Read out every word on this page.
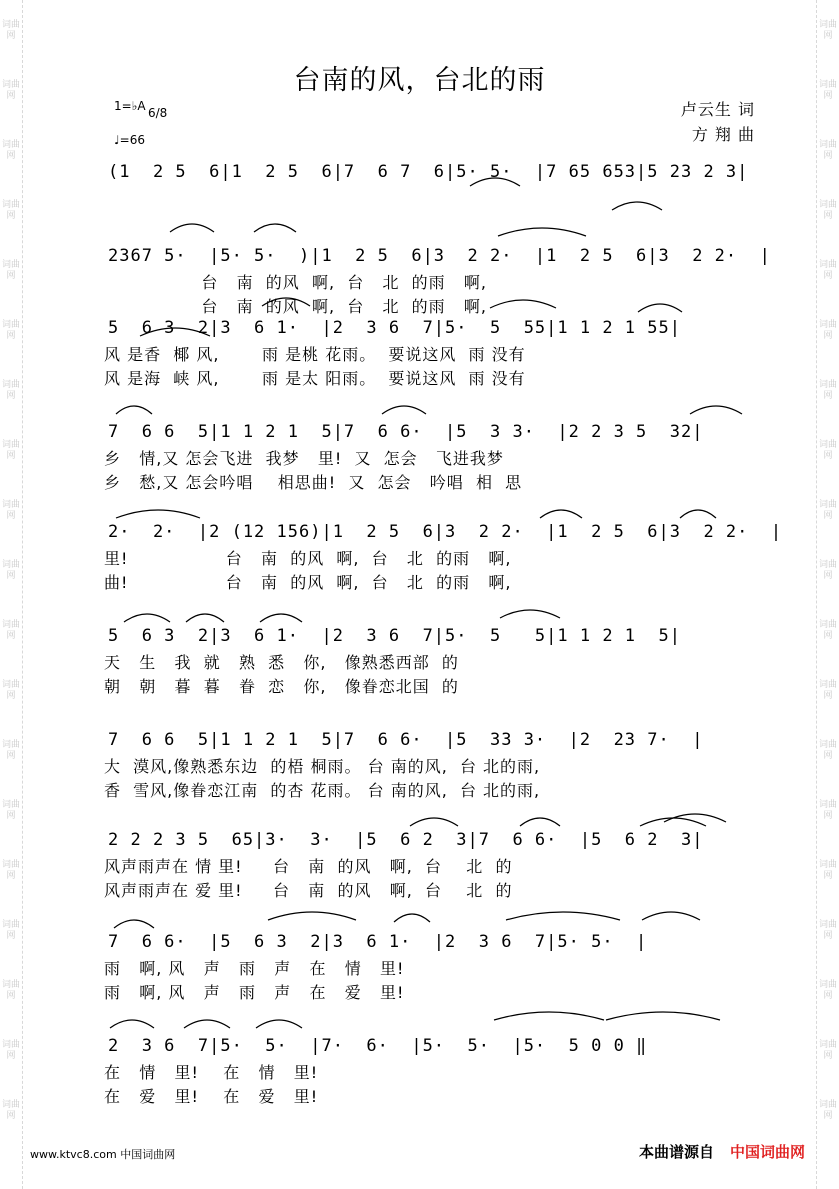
词曲网
词曲网
词曲网
词曲网
词曲网
词曲网
词曲网
词曲网
词曲网
词曲网
词曲网
词曲网
词曲网
词曲网
词曲网
词曲网
词曲网
词曲网
词曲网
词曲网
词曲网
词曲网
词曲网
词曲网
词曲网
词曲网
词曲网
词曲网
词曲网
词曲网
词曲网
词曲网
词曲网
词曲网
词曲网
词曲网
词曲网
词曲网
台南的风，台北的雨
卢云生 词
方 翔 曲
1=♭A 6/8
♩=66
(1  2 5  6|1  2 5  6|7  6 7  6|5· 5·  |7 65 653|5 23 2 3|
2367 5·  |5· 5·  )|1  2 5  6|3  2 2·  |1  2 5  6|3  2 2·  |
台   南  的风  啊,  台   北  的雨   啊,
台   南  的风  啊,  台   北  的雨   啊,
5  6 3  2|3  6 1·  |2  3 6  7|5·  5  55|1 1 2 1 55|
风 是香  椰 风,       雨 是桃 花雨。  要说这风  雨 没有
风 是海  峡 风,       雨 是太 阳雨。  要说这风  雨 没有
7  6 6  5|1 1 2 1  5|7  6 6·  |5  3 3·  |2 2 3 5  32|
乡   情,又 怎会飞进  我梦   里!  又  怎会   飞进我梦
乡   愁,又 怎会吟唱    相思曲!  又  怎会   吟唱  相  思
2·  2·  |2 (12 156)|1  2 5  6|3  2 2·  |1  2 5  6|3  2 2·  |
里!                台   南  的风  啊,  台   北  的雨   啊,
曲!                台   南  的风  啊,  台   北  的雨   啊,
5  6 3  2|3  6 1·  |2  3 6  7|5·  5   5|1 1 2 1  5|
天   生   我  就   熟  悉   你,   像熟悉西部  的
朝   朝   暮  暮   眷  恋   你,   像眷恋北国  的
7  6 6  5|1 1 2 1  5|7  6 6·  |5  33 3·  |2  23 7·  |
大  漠风,像熟悉东边  的梧 桐雨。 台 南的风,  台 北的雨,
香  雪风,像眷恋江南  的杏 花雨。 台 南的风,  台 北的雨,
2 2 2 3 5  65|3·  3·  |5  6 2  3|7  6 6·  |5  6 2  3|
风声雨声在 情 里!     台   南  的风   啊,  台    北  的
风声雨声在 爱 里!     台   南  的风   啊,  台    北  的
7  6 6·  |5  6 3  2|3  6 1·  |2  3 6  7|5· 5·  |
雨   啊, 风   声   雨   声   在   情   里!
雨   啊, 风   声   雨   声   在   爱   里!
2  3 6  7|5·  5·  |7·  6·  |5·  5·  |5·  5 0 0 ‖
在   情   里!    在   情   里!
在   爱   里!    在   爱   里!
www.ktvc8.com 中国词曲网	本曲谱源自 中国词曲网
